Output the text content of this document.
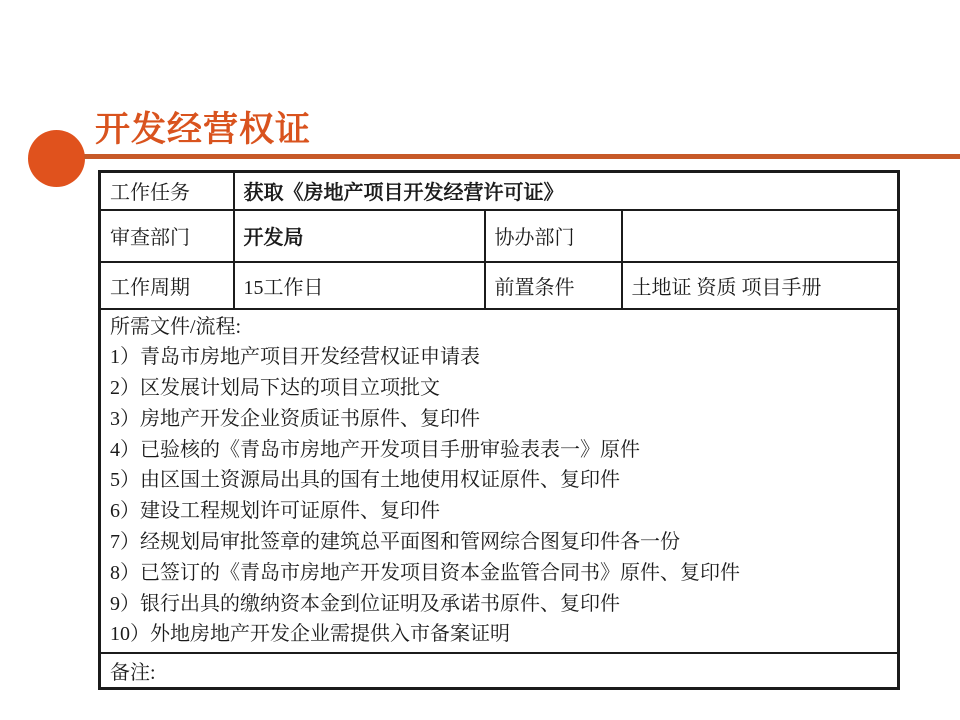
开发经营权证
工作任务	获取《房地产项目开发经营许可证》		
审查部门	开发局	协办部门	
工作周期	15工作日	前置条件	土地证 资质 项目手册

所需文件/流程:
1）青岛市房地产项目开发经营权证申请表
2）区发展计划局下达的项目立项批文
3）房地产开发企业资质证书原件、复印件
4）已验核的《青岛市房地产开发项目手册审验表表一》原件
5）由区国土资源局出具的国有土地使用权证原件、复印件
6）建设工程规划许可证原件、复印件
7）经规划局审批签章的建筑总平面图和管网综合图复印件各一份
8）已签订的《青岛市房地产开发项目资本金监管合同书》原件、复印件
9）银行出具的缴纳资本金到位证明及承诺书原件、复印件
10）外地房地产开发企业需提供入市备案证明

备注:			
